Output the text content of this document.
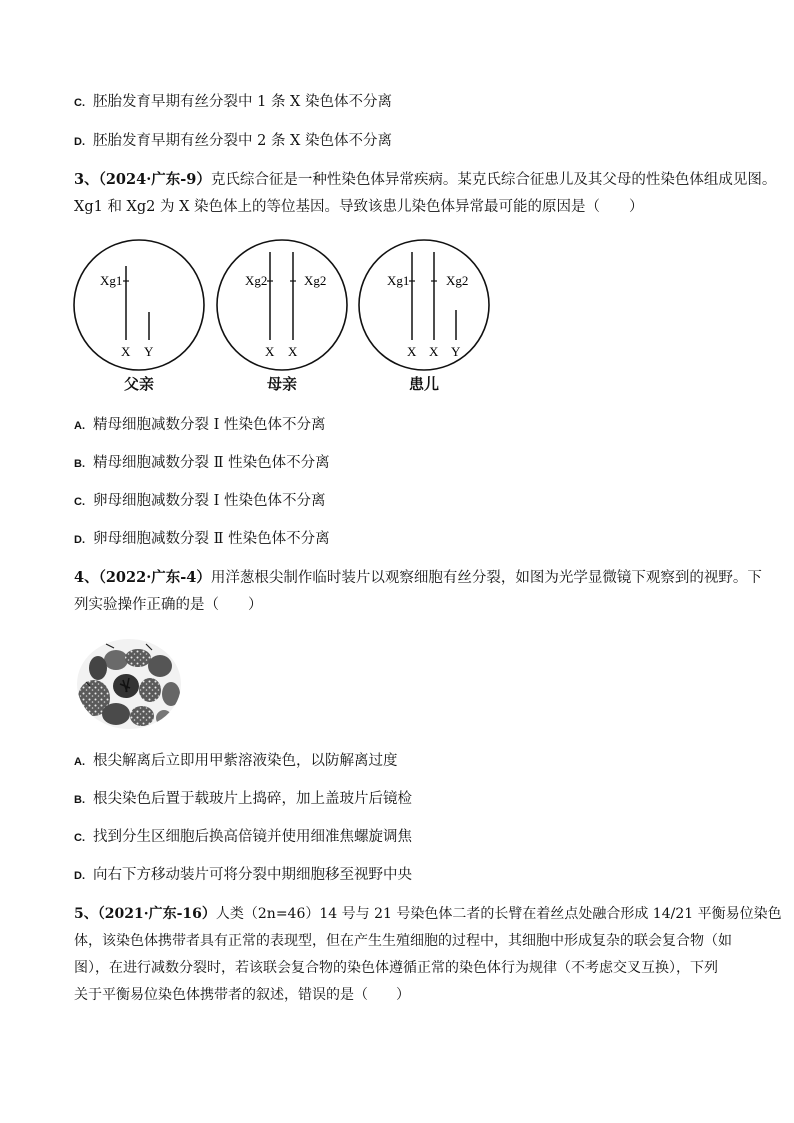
C. 胚胎发育早期有丝分裂中 1 条 X 染色体不分离
D. 胚胎发育早期有丝分裂中 2 条 X 染色体不分离
3、（2024·广东-9）克氏综合征是一种性染色体异常疾病。某克氏综合征患儿及其父母的性染色体组成见图。
Xg1 和 Xg2 为 X 染色体上的等位基因。导致该患儿染色体异常最可能的原因是（　　）
Xg1
X Y
Xg2	Xg2
X X
Xg1	Xg2
X X Y
父亲	母亲	患儿
A. 精母细胞减数分裂 Ⅰ 性染色体不分离
B. 精母细胞减数分裂 Ⅱ 性染色体不分离
C. 卵母细胞减数分裂 Ⅰ 性染色体不分离
D. 卵母细胞减数分裂 Ⅱ 性染色体不分离
4、（2022·广东-4）用洋葱根尖制作临时装片以观察细胞有丝分裂，如图为光学显微镜下观察到的视野。下
列实验操作正确的是（　　）
A. 根尖解离后立即用甲紫溶液染色，以防解离过度
B. 根尖染色后置于载玻片上捣碎，加上盖玻片后镜检
C. 找到分生区细胞后换高倍镜并使用细准焦螺旋调焦
D. 向右下方移动装片可将分裂中期细胞移至视野中央
5、（2021·广东-16）人类（2n=46）14 号与 21 号染色体二者的长臂在着丝点处融合形成 14/21 平衡易位染色
体，该染色体携带者具有正常的表现型，但在产生生殖细胞的过程中，其细胞中形成复杂的联会复合物（如
图），在进行减数分裂时，若该联会复合物的染色体遵循正常的染色体行为规律（不考虑交叉互换），下列
关于平衡易位染色体携带者的叙述，错误的是（　　）
